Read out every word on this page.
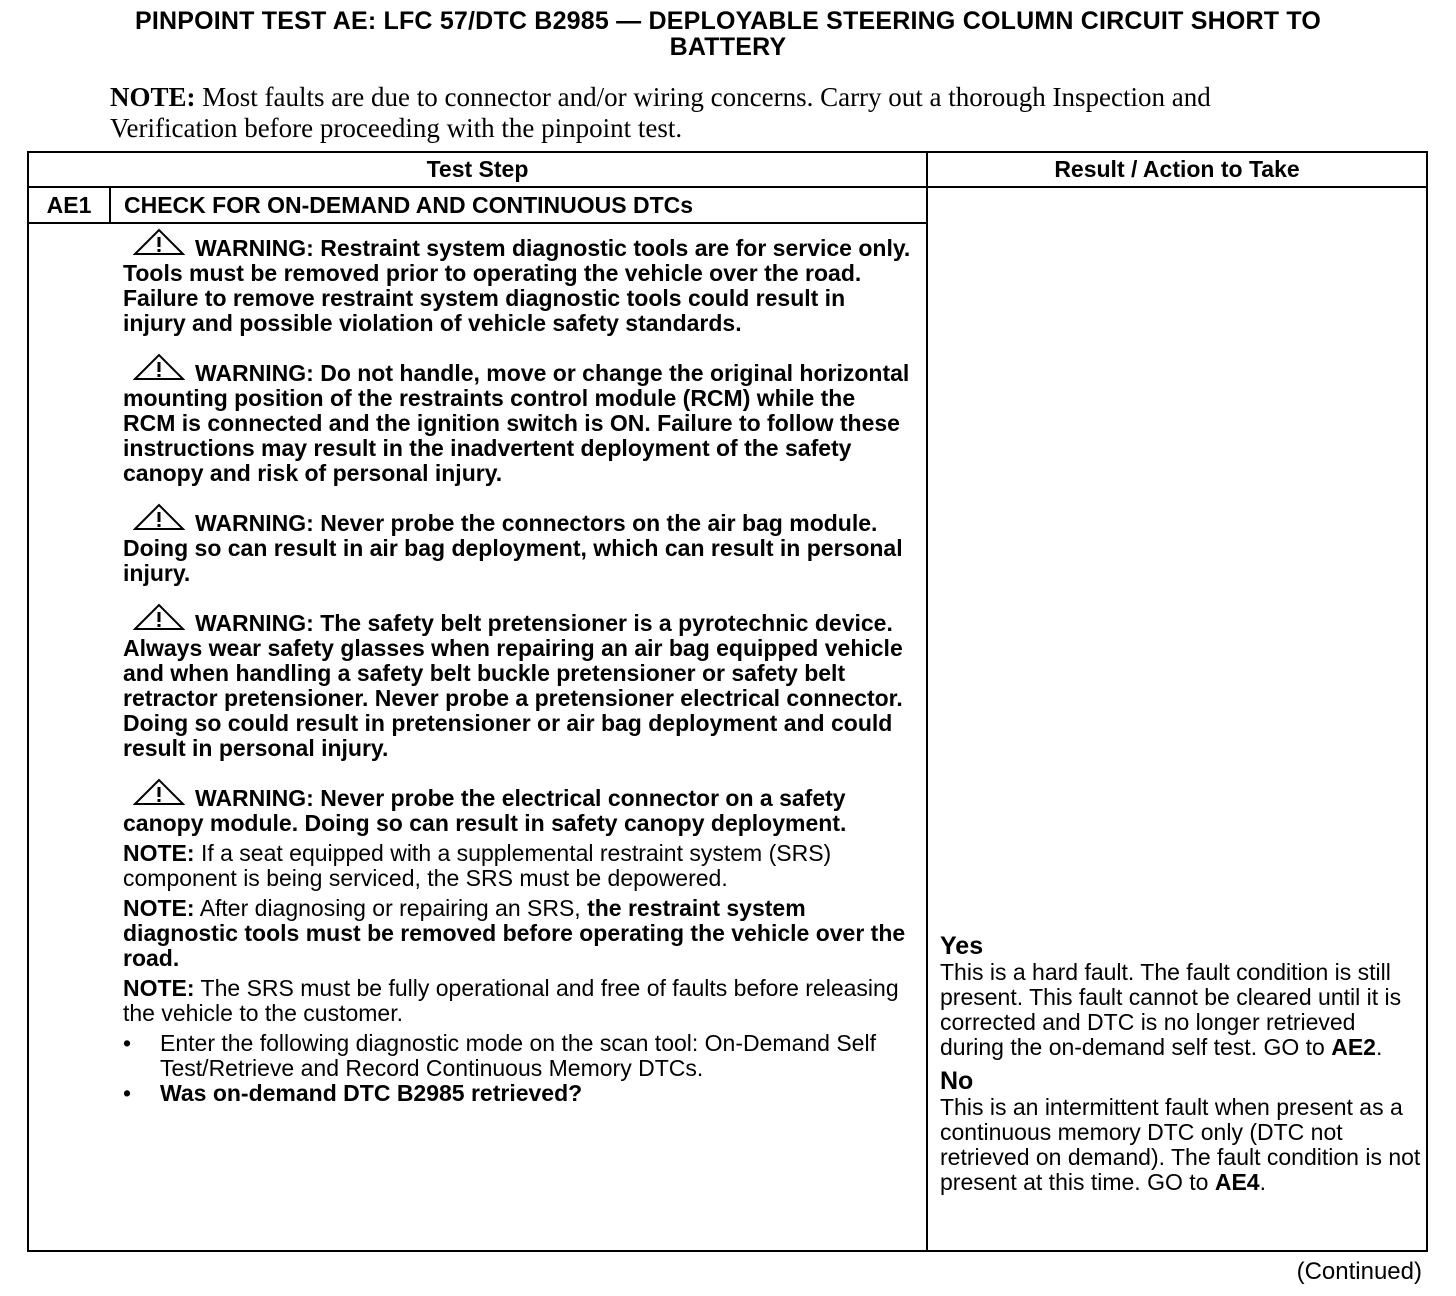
PINPOINT TEST AE: LFC 57/DTC B2985 — DEPLOYABLE STEERING COLUMN CIRCUIT SHORT TO
BATTERY
NOTE: Most faults are due to connector and/or wiring concerns. Carry out a thorough Inspection and Verification before proceeding with the pinpoint test.
Test Step	Result / Action to Take
AE1	CHECK FOR ON-DEMAND AND CONTINUOUS DTCs
WARNING: Restraint system diagnostic tools are for service only. Tools must be removed prior to operating the vehicle over the road. Failure to remove restraint system diagnostic tools could result in injury and possible violation of vehicle safety standards.
WARNING: Do not handle, move or change the original horizontal mounting position of the restraints control module (RCM) while the RCM is connected and the ignition switch is ON. Failure to follow these instructions may result in the inadvertent deployment of the safety canopy and risk of personal injury.
WARNING: Never probe the connectors on the air bag module. Doing so can result in air bag deployment, which can result in personal injury.
WARNING: The safety belt pretensioner is a pyrotechnic device. Always wear safety glasses when repairing an air bag equipped vehicle and when handling a safety belt buckle pretensioner or safety belt retractor pretensioner. Never probe a pretensioner electrical connector. Doing so could result in pretensioner or air bag deployment and could result in personal injury.
WARNING: Never probe the electrical connector on a safety canopy module. Doing so can result in safety canopy deployment.
NOTE: If a seat equipped with a supplemental restraint system (SRS) component is being serviced, the SRS must be depowered.
NOTE: After diagnosing or repairing an SRS, the restraint system diagnostic tools must be removed before operating the vehicle over the road.
NOTE: The SRS must be fully operational and free of faults before releasing the vehicle to the customer.
• Enter the following diagnostic mode on the scan tool: On-Demand Self Test/Retrieve and Record Continuous Memory DTCs.
• Was on-demand DTC B2985 retrieved?
Yes
This is a hard fault. The fault condition is still present. This fault cannot be cleared until it is corrected and DTC is no longer retrieved during the on-demand self test. GO to AE2.
No
This is an intermittent fault when present as a continuous memory DTC only (DTC not retrieved on demand). The fault condition is not present at this time. GO to AE4.
(Continued)
